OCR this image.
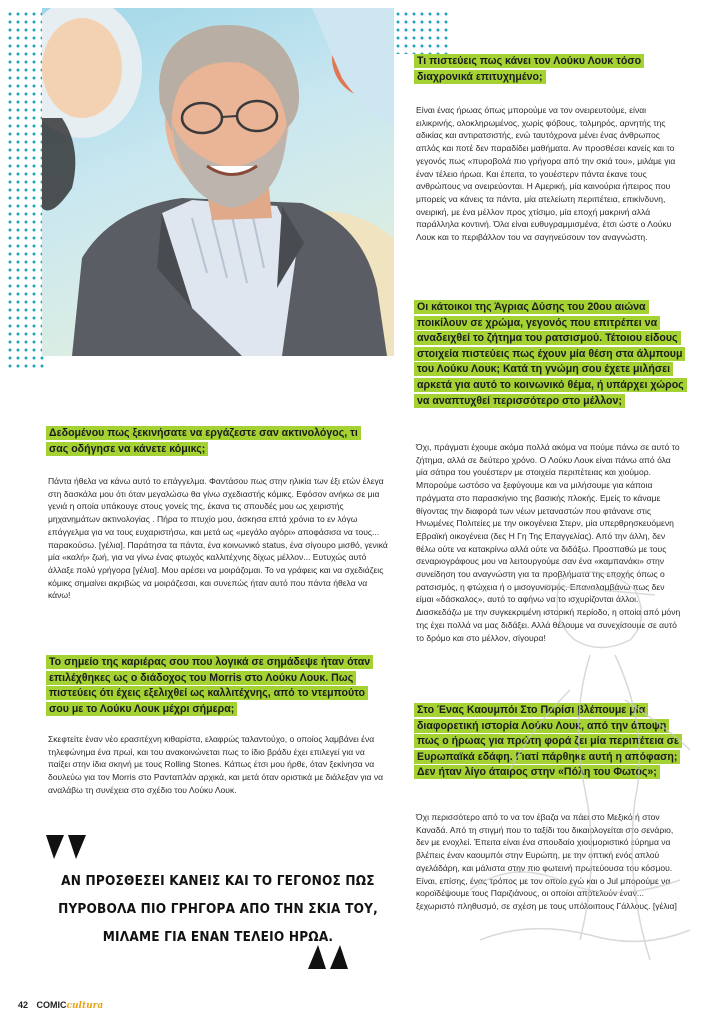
Τι πιστεύεις πως κάνει τον Λούκυ Λουκ τόσο διαχρονικά επιτυχημένο;

Είναι ένας ήρωας όπως μπορούμε να τον ονειρευτούμε, είναι ειλικρινής, ολοκληρωμένος, χωρίς φόβους, τολμηρός, αρνητής της αδικίας και αντιρατσιστής, ενώ ταυτόχρονα μένει ένας άνθρωπος απλός και ποτέ δεν παραδίδει μαθήματα. Αν προσθέσει κανείς και το γεγονός πως «πυροβολά πιο γρήγορα από την σκιά του», μιλάμε για έναν τέλειο ήρωα. Και έπειτα, το γουέστερν πάντα έκανε τους ανθρώπους να ονειρεύονται. Η Αμερική, μία καινούρια ήπειρος που μπορείς να κάνεις τα πάντα, μία ατελείωτη περιπέτεια, επικίνδυνη, ονειρική, με ένα μέλλον προς χτίσιμο, μία εποχή μακρινή αλλά παράλληλα κοντινή. Όλα είναι ευθυγραμμισμένα, έτσι ώστε ο Λούκυ Λουκ και το περιβάλλον του να σαγηνεύσουν τον αναγνώστη.

Οι κάτοικοι της Άγριας Δύσης του 20ου αιώνα ποικίλουν σε χρώμα, γεγονός που επιτρέπει να αναδειχθεί το ζήτημα του ρατσισμού. Τέτοιου είδους στοιχεία πιστεύεις πως έχουν μία θέση στα άλμπουμ του Λούκυ Λουκ; Κατά τη γνώμη σου έχετε μιλήσει αρκετά για αυτό το κοινωνικό θέμα, ή υπάρχει χώρος να αναπτυχθεί περισσότερο στο μέλλον;

Όχι, πράγματι έχουμε ακόμα πολλά ακόμα να πούμε πάνω σε αυτό το ζήτημα, αλλά σε δεύτερο χρόνο. Ο Λούκυ Λουκ είναι πάνω από όλα μία σάτιρα του γουέστερν με στοιχεία περιπέτειας και χιούμορ. Μπορούμε ωστόσο να ξεφύγουμε και να μιλήσουμε για κάποια πράγματα στο παρασκήνιο της βασικής πλοκής. Εμείς το κάναμε θίγοντας την διαφορά των νέων μεταναστών που φτάνανε στις Ηνωμένες Πολιτείες με την οικογένεια Στερν, μία υπερθρησκευόμενη Εβραϊκή οικογένεια (δες Η Γη Της Επαγγελίας). Από την άλλη, δεν θέλω ούτε να κατακρίνω αλλά ούτε να διδάξω. Προσπαθώ με τους σεναριογράφους μου να λειτουργούμε σαν ένα «καμπανάκι» στην συνείδηση του αναγνώστη για τα προβλήματα της εποχής όπως ο ρατσισμός, η φτώχεια ή ο μισογυνισμός. Επαναλαμβάνω πως δεν είμαι «δάσκαλος», αυτό το αφήνω να το ισχυρίζονται άλλοι. Διασκεδάζω με την συγκεκριμένη ιστορική περίοδο, η οποία από μόνη της έχει πολλά να μας διδάξει. Αλλά θέλουμε να συνεχίσουμε σε αυτό το δρόμο και στο μέλλον, σίγουρα!

Στο Ένας Καουμπόι Στο Παρίσι βλέπουμε μία διαφορετική ιστορία Λούκυ Λουκ, από την άποψη πως ο ήρωας για πρώτη φορά ζει μία περιπέτεια σε Ευρωπαϊκά εδάφη. Γιατί πάρθηκε αυτή η απόφαση; Δεν ήταν λίγο άταιρος στην «Πόλη του Φωτός»;

Όχι περισσότερο από το να τον έβαζα να πάει στο Μεξικό ή στον Καναδά. Από τη στιγμή που το ταξίδι του δικαιολογείται στο σενάριο, δεν με ενοχλεί. Έπειτα είναι ένα σπουδαίο χιουμοριστικό εύρημα να βλέπεις έναν καουμπόι στην Ευρώπη, με την οπτική ενός απλού αγελάδάρη, και μάλιστα στην πιο φωτεινή πρωτεύουσα του κόσμου. Είναι, επίσης, ένας τρόπος με τον οποίο εγώ και ο Jul μπορούμε να κοροϊδέψουμε τους Παριζιάνους, οι οποίοι αποτελούν έναν... ξεχωριστό πληθυσμό, σε σχέση με τους υπόλοιπους Γάλλους. [γέλια]

Δεδομένου πως ξεκινήσατε να εργάζεστε σαν ακτινολόγος, τι σας οδήγησε να κάνετε κόμικς;

Πάντα ήθελα να κάνω αυτό το επάγγελμα. Φαντάσου πως στην ηλικία των έξι ετών έλεγα στη δασκάλα μου ότι όταν μεγαλώσω θα γίνω σχεδιαστής κόμικς. Εφόσον ανήκω σε μια γενιά η οποία υπάκουγε στους γονείς της, έκανα τις σπουδές μου ως χειριστής μηχανημάτων ακτινολογίας . Πήρα το πτυχίο μου, άσκησα επτά χρόνια το εν λόγω επάγγελμα για να τους ευχαριστήσω, και μετά ως «μεγάλο αγόρι» αποφάσισα να τους... παρακούσω. [γέλια]. Παράτησα τα πάντα, ένα κοινωνικό status, ένα σίγουρο μισθό, γενικά μία «καλή» ζωή, για να γίνω ένας φτωχός καλλιτέχνης δίχως μέλλον... Ευτυχώς αυτό άλλαξε πολύ γρήγορα [γέλια]. Μου αρέσει να μοιράζομαι. Το να γράφεις και να σχεδιάζεις κόμικς σημαίνει ακριβώς να μοιράζεσαι, και συνεπώς ήταν αυτό που πάντα ήθελα να κάνω!

Το σημείο της καριέρας σου που λογικά σε σημάδεψε ήταν όταν επιλέχθηκες ως ο διάδοχος του Morris στο Λούκυ Λουκ. Πως πιστεύεις ότι έχεις εξελιχθεί ως καλλιτέχνης, από το ντεμπούτο σου με το Λούκυ Λουκ μέχρι σήμερα;

Σκεφτείτε έναν νέο ερασιτέχνη κιθαρίστα, ελαφρώς ταλαντούχο, ο οποίος λαμβάνει ένα τηλεφώνημα ένα πρωί, και του ανακοινώνεται πως το ίδιο βράδυ έχει επιλεγεί για να παίξει στην ίδια σκηνή με τους Rolling Stones. Κάπως έτσι μου ήρθε, όταν ξεκίνησα να δουλεύω για τον Morris στο Ρανταπλάν αρχικά, και μετά όταν οριστικά με διάλεξαν για να αναλάβω τη συνέχεια στο σχέδιο του Λούκυ Λουκ.

ΑΝ ΠΡΟΣΘΕΣΕΙ ΚΑΝΕΙΣ ΚΑΙ ΤΟ ΓΕΓΟΝΟΣ ΠΩΣ ΠΥΡΟΒΟΛΑ ΠΙΟ ΓΡΗΓΟΡΑ ΑΠΟ ΤΗΝ ΣΚΙΑ ΤΟΥ, ΜΙΛΑΜΕ ΓΙΑ ΕΝΑΝ ΤΕΛΕΙΟ ΗΡΩΑ.
42 COMICcultura
